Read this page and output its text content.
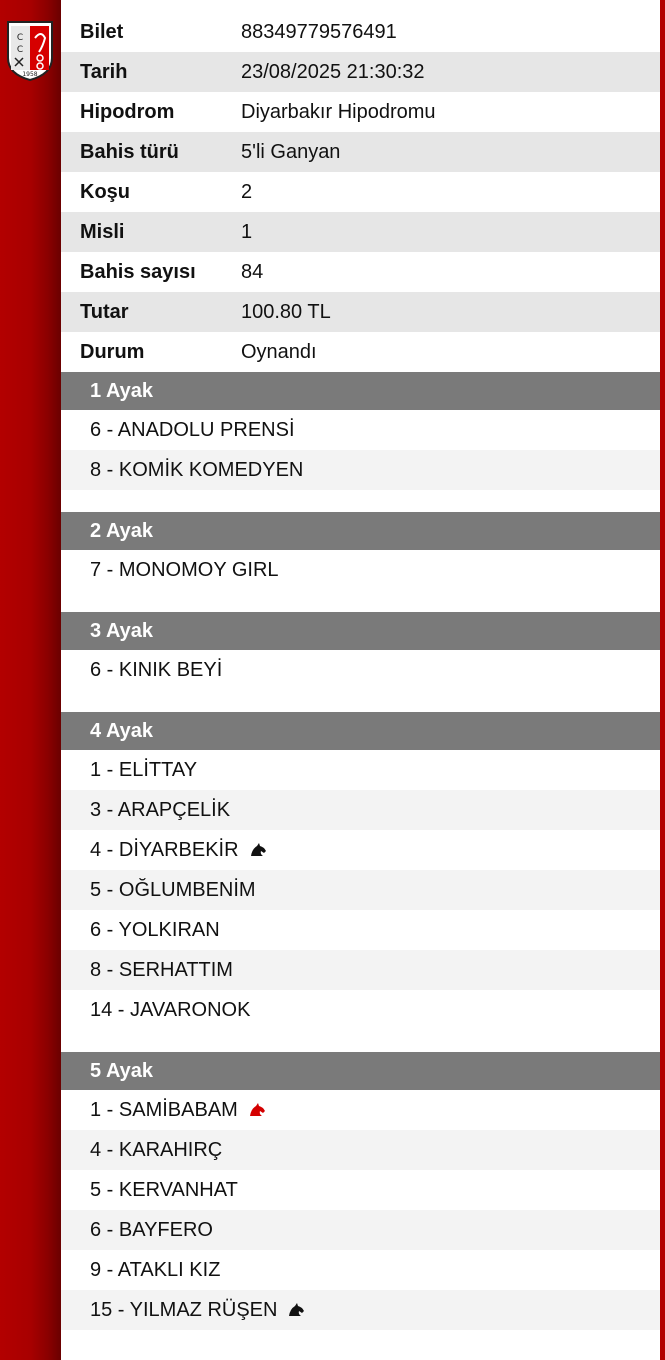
C
C
1958
Bilet	88349779576491
Tarih	23/08/2025 21:30:32
Hipodrom	Diyarbakır Hipodromu
Bahis türü	5'li Ganyan
Koşu	2
Misli	1
Bahis sayısı	84
Tutar	100.80 TL
Durum	Oynandı
1 Ayak
6 - ANADOLU PRENSİ
8 - KOMİK KOMEDYEN
2 Ayak
7 - MONOMOY GIRL
3 Ayak
6 - KINIK BEYİ
4 Ayak
1 - ELİTTAY
3 - ARAPÇELİK
4 - DİYARBEKİR
5 - OĞLUMBENİM
6 - YOLKIRAN
8 - SERHATTIM
14 - JAVARONOK
5 Ayak
1 - SAMİBABAM
4 - KARAHIRÇ
5 - KERVANHAT
6 - BAYFERO
9 - ATAKLI KIZ
15 - YILMAZ RÜŞEN
